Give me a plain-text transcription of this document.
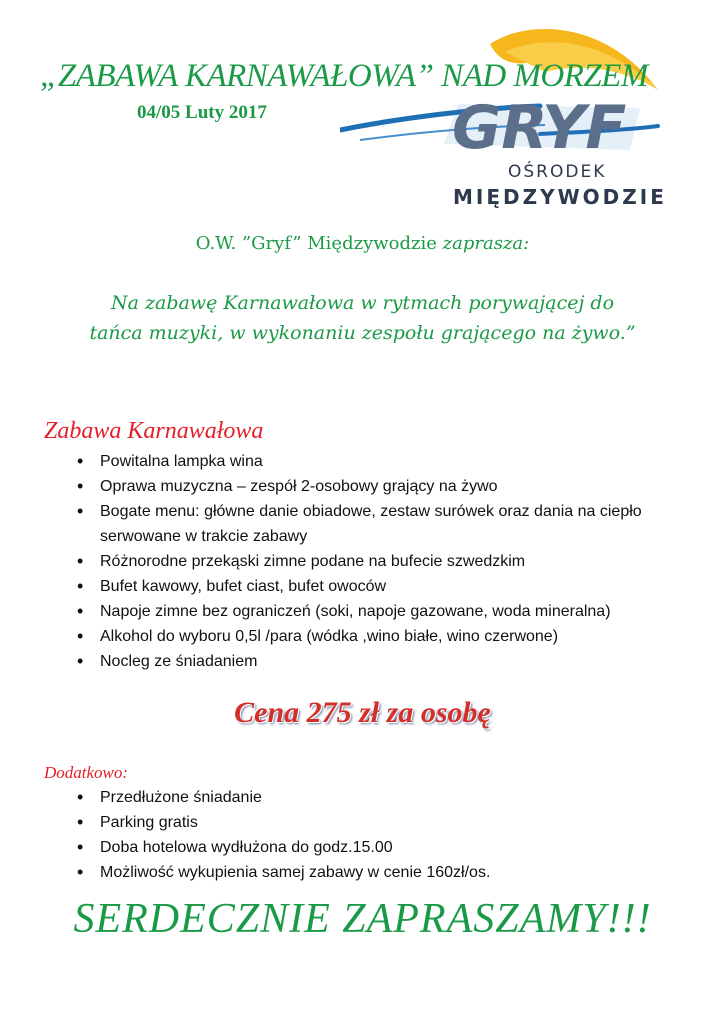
GRYF
OŚRODEK
MIĘDZYWODZIE
„ZABAWA KARNAWAŁOWA” NAD MORZEM
04/05 Luty 2017
O.W. ”Gryf” Międzywodzie zaprasza:
Na zabawę Karnawałowa w rytmach porywającej do
tańca muzyki, w wykonaniu zespołu grającego na żywo.”
Zabawa Karnawałowa
• Powitalna lampka wina
• Oprawa muzyczna – zespół 2-osobowy grający na żywo
• Bogate menu: główne danie obiadowe, zestaw surówek oraz dania na ciepło serwowane w trakcie zabawy
• Różnorodne przekąski zimne podane na bufecie szwedzkim
• Bufet kawowy, bufet ciast, bufet owoców
• Napoje zimne bez ograniczeń (soki, napoje gazowane, woda mineralna)
• Alkohol do wyboru 0,5l /para (wódka ,wino białe, wino czerwone)
• Nocleg ze śniadaniem
Cena 275 zł za osobę
Dodatkowo:
• Przedłużone śniadanie
• Parking gratis
• Doba hotelowa wydłużona do godz.15.00
• Możliwość wykupienia samej zabawy w cenie 160zł/os.
SERDECZNIE ZAPRASZAMY!!!
